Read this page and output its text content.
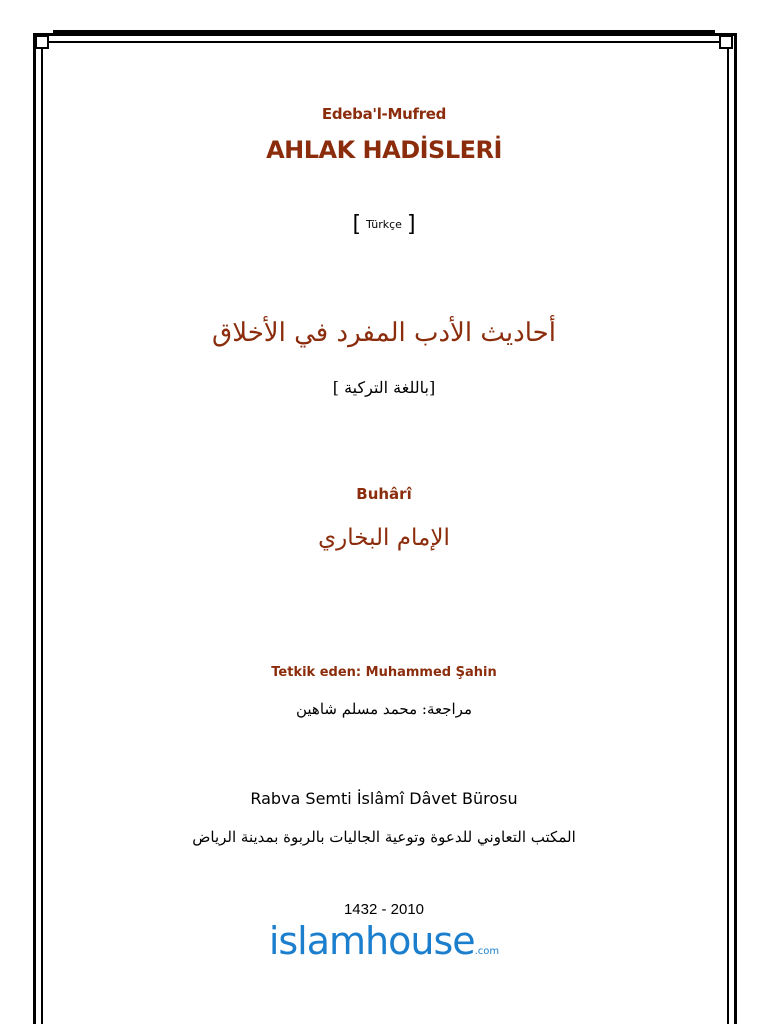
Edeba'l-Mufred
AHLAK HADİSLERİ
[ Türkçe ]
أحاديث الأدب المفرد في الأخلاق
[باللغة التركية ]
Buhârî
الإمام البخاري
Tetkik eden: Muhammed Şahin
مراجعة: محمد مسلم شاهين
Rabva Semti İslâmî Dâvet Bürosu
المكتب التعاوني للدعوة وتوعية الجاليات بالربوة بمدينة الرياض
1432 - 2010
islamhouse.com
